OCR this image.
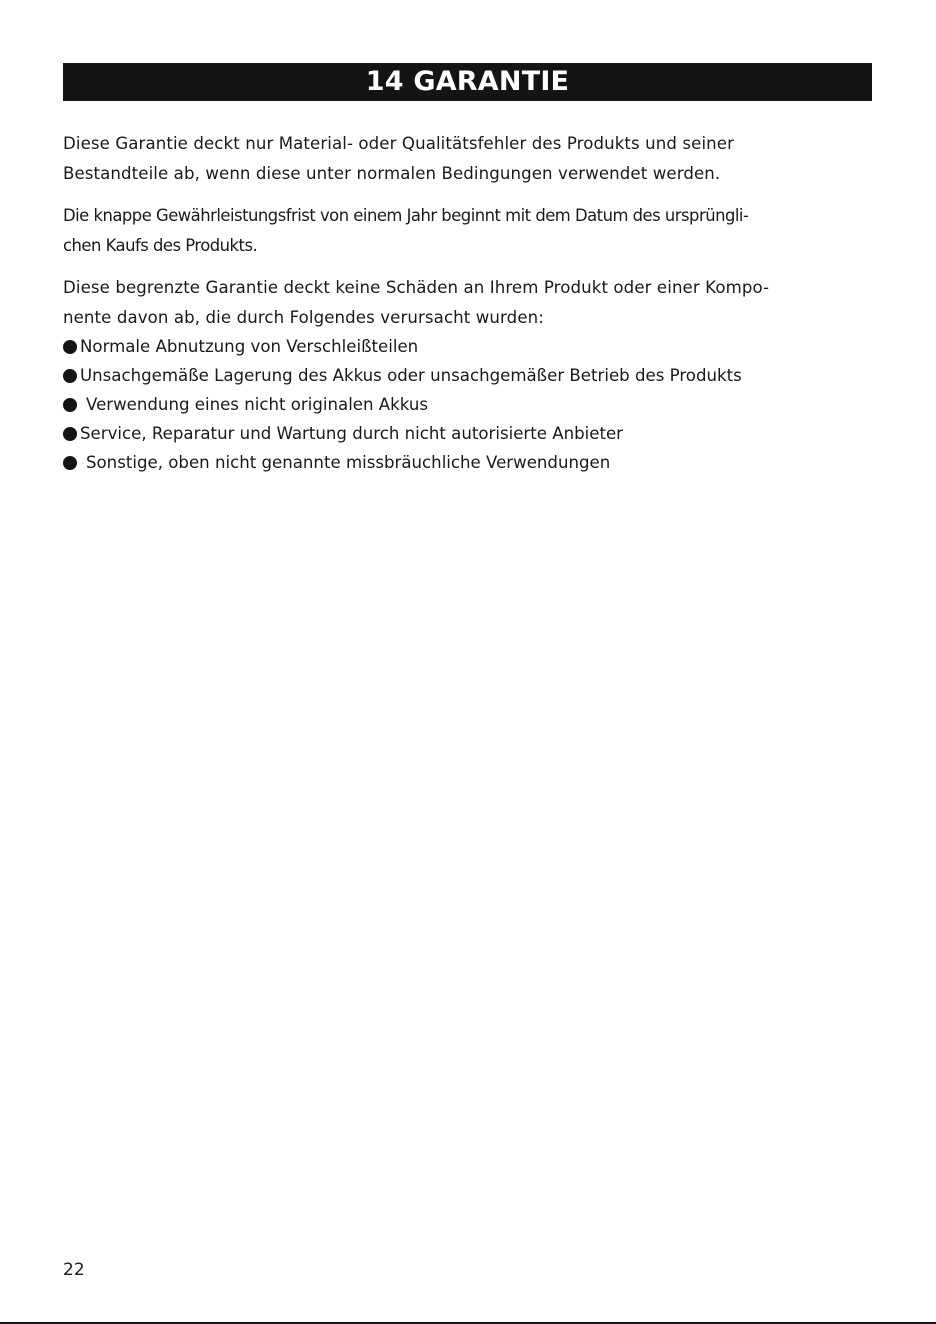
14 GARANTIE

Diese Garantie deckt nur Material- oder Qualitätsfehler des Produkts und seiner
Bestandteile ab, wenn diese unter normalen Bedingungen verwendet werden.

Die knappe Gewährleistungsfrist von einem Jahr beginnt mit dem Datum des ursprüngli-
chen Kaufs des Produkts.

Diese begrenzte Garantie deckt keine Schäden an Ihrem Produkt oder einer Kompo-
nente davon ab, die durch Folgendes verursacht wurden:

Normale Abnutzung von Verschleißteilen
Unsachgemäße Lagerung des Akkus oder unsachgemäßer Betrieb des Produkts
Verwendung eines nicht originalen Akkus
Service, Reparatur und Wartung durch nicht autorisierte Anbieter
Sonstige, oben nicht genannte missbräuchliche Verwendungen
22
